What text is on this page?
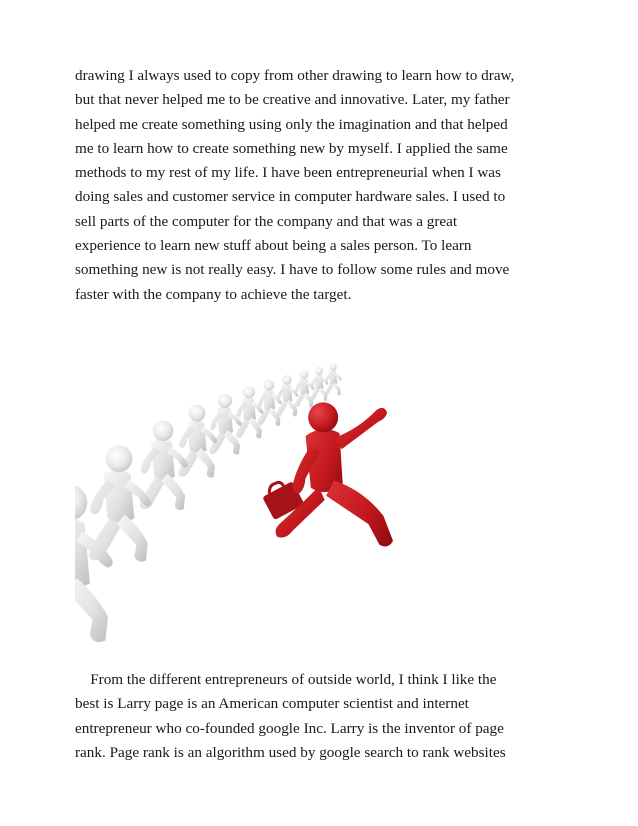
drawing I always used to copy from other drawing to learn how to draw,
but that never helped me to be creative and innovative. Later, my father
helped me create something using only the imagination and that helped
me to learn how to create something new by myself. I applied the same
methods to my rest of my life. I have been entrepreneurial when I was
doing sales and customer service in computer hardware sales. I used to
sell parts of the computer for the company and that was a great
experience to learn new stuff about being a sales person. To learn
something new is not really easy. I have to follow some rules and move
faster with the company to achieve the target.

From the different entrepreneurs of outside world, I think I like the
best is Larry page is an American computer scientist and internet
entrepreneur who co-founded google Inc. Larry is the inventor of page
rank. Page rank is an algorithm used by google search to rank websites
